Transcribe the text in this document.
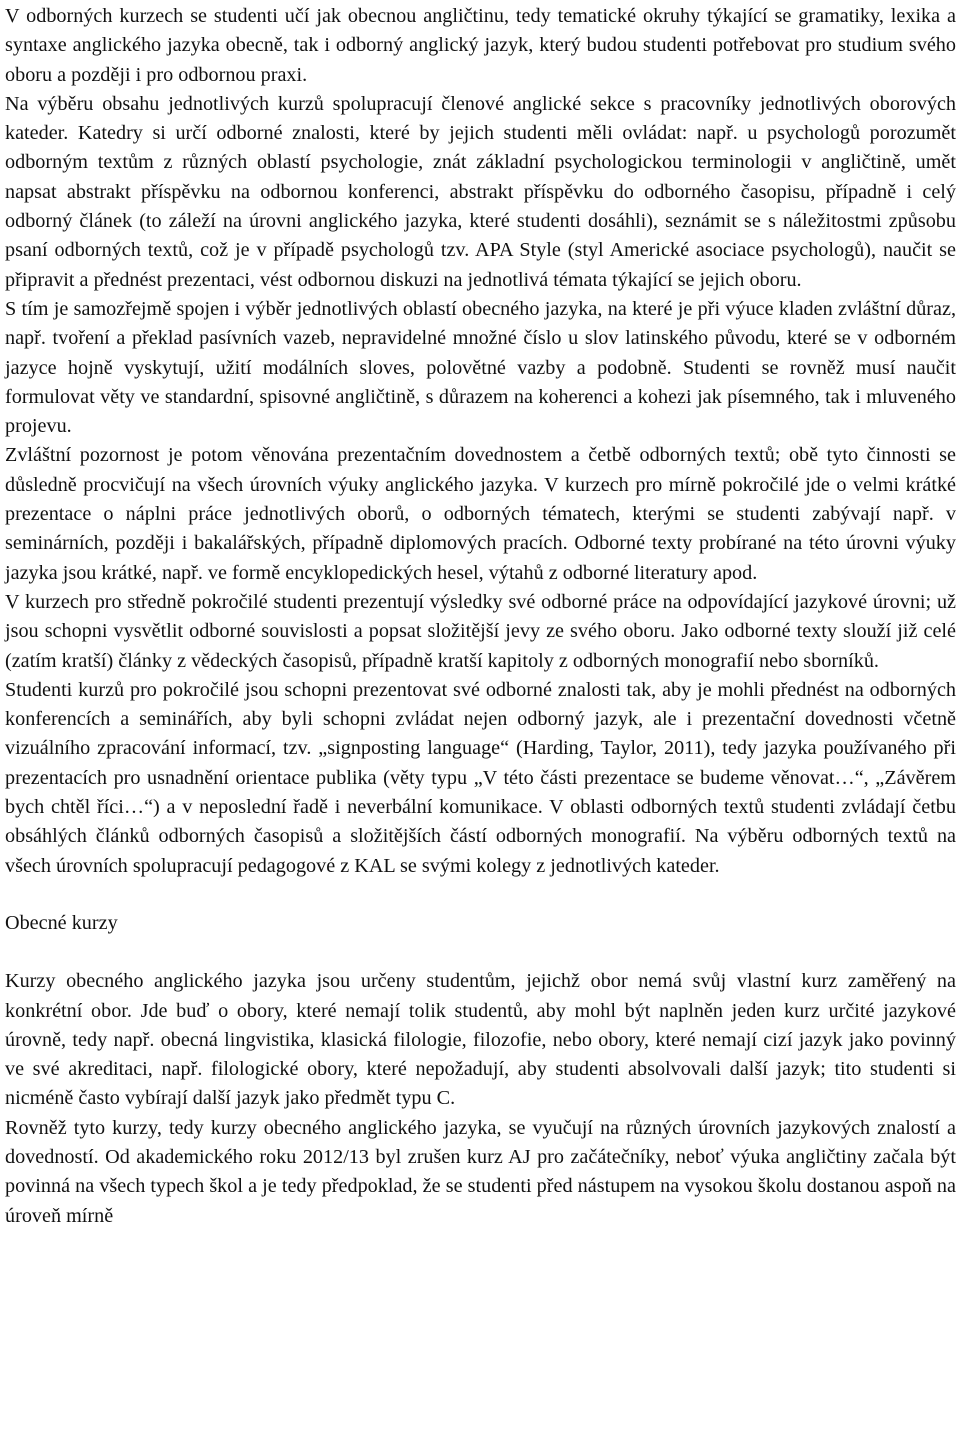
V odborných kurzech se studenti učí jak obecnou angličtinu, tedy tematické okruhy týkající se gramatiky, lexika a syntaxe anglického jazyka obecně, tak i odborný anglický jazyk, který budou studenti potřebovat pro studium svého oboru a později i pro odbornou praxi.

Na výběru obsahu jednotlivých kurzů spolupracují členové anglické sekce s pracovníky jednotlivých oborových kateder. Katedry si určí odborné znalosti, které by jejich studenti měli ovládat: např. u psychologů porozumět odborným textům z různých oblastí psychologie, znát základní psychologickou terminologii v angličtině, umět napsat abstrakt příspěvku na odbornou konferenci, abstrakt příspěvku do odborného časopisu, případně i celý odborný článek (to záleží na úrovni anglického jazyka, které studenti dosáhli), seznámit se s náležitostmi způsobu psaní odborných textů, což je v případě psychologů tzv. APA Style (styl Americké asociace psychologů), naučit se připravit a přednést prezentaci, vést odbornou diskuzi na jednotlivá témata týkající se jejich oboru.

S tím je samozřejmě spojen i výběr jednotlivých oblastí obecného jazyka, na které je při výuce kladen zvláštní důraz, např. tvoření a překlad pasívních vazeb, nepravidelné množné číslo u slov latinského původu, které se v odborném jazyce hojně vyskytují, užití modálních sloves, polovětné vazby a podobně. Studenti se rovněž musí naučit formulovat věty ve standardní, spisovné angličtině, s důrazem na koherenci a kohezi jak písemného, tak i mluveného projevu.

Zvláštní pozornost je potom věnována prezentačním dovednostem a četbě odborných textů; obě tyto činnosti se důsledně procvičují na všech úrovních výuky anglického jazyka. V kurzech pro mírně pokročilé jde o velmi krátké prezentace o náplni práce jednotlivých oborů, o odborných tématech, kterými se studenti zabývají např. v seminárních, později i bakalářských, případně diplomových pracích. Odborné texty probírané na této úrovni výuky jazyka jsou krátké, např. ve formě encyklopedických hesel, výtahů z odborné literatury apod.

V kurzech pro středně pokročilé studenti prezentují výsledky své odborné práce na odpovídající jazykové úrovni; už jsou schopni vysvětlit odborné souvislosti a popsat složitější jevy ze svého oboru. Jako odborné texty slouží již celé (zatím kratší) články z vědeckých časopisů, případně kratší kapitoly z odborných monografií nebo sborníků.

Studenti kurzů pro pokročilé jsou schopni prezentovat své odborné znalosti tak, aby je mohli přednést na odborných konferencích a seminářích, aby byli schopni zvládat nejen odborný jazyk, ale i prezentační dovednosti včetně vizuálního zpracování informací, tzv. „signposting language“ (Harding, Taylor, 2011), tedy jazyka používaného při prezentacích pro usnadnění orientace publika (věty typu „V této části prezentace se budeme věnovat…“, „Závěrem bych chtěl říci…“) a v neposlední řadě i neverbální komunikace. V oblasti odborných textů studenti zvládají četbu obsáhlých článků odborných časopisů a složitějších částí odborných monografií. Na výběru odborných textů na všech úrovních spolupracují pedagogové z KAL se svými kolegy z jednotlivých kateder.

Obecné kurzy

Kurzy obecného anglického jazyka jsou určeny studentům, jejichž obor nemá svůj vlastní kurz zaměřený na konkrétní obor. Jde buď o obory, které nemají tolik studentů, aby mohl být naplněn jeden kurz určité jazykové úrovně, tedy např. obecná lingvistika, klasická filologie, filozofie, nebo obory, které nemají cizí jazyk jako povinný ve své akreditaci, např. filologické obory, které nepožadují, aby studenti absolvovali další jazyk; tito studenti si nicméně často vybírají další jazyk jako předmět typu C.

Rovněž tyto kurzy, tedy kurzy obecného anglického jazyka, se vyučují na různých úrovních jazykových znalostí a dovedností. Od akademického roku 2012/13 byl zrušen kurz AJ pro začátečníky, neboť výuka angličtiny začala být povinná na všech typech škol a je tedy předpoklad, že se studenti před nástupem na vysokou školu dostanou aspoň na úroveň mírně
